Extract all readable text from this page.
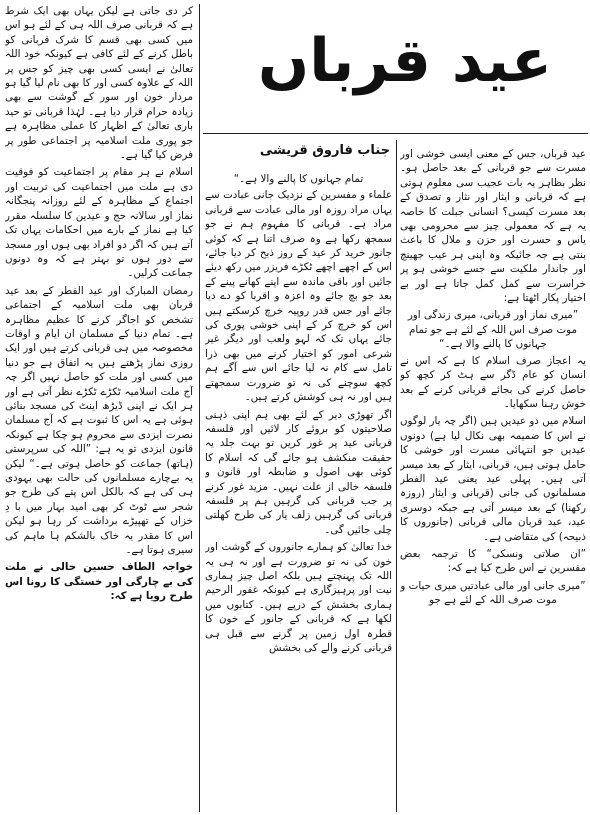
عید قرباں
جناب فاروق قریشی عید قرباں، جس کے معنی ایسی خوشی اور مسرت سے جو قربانی کے بعد حاصل ہو۔ نظر بظاہر یہ بات عجیب سی معلوم ہوتی ہے کہ قربانی و ایثار اور نثار و تصدق کے بعد مسرت کیسی؟ انسانی جبلت کا خاصہ یہ ہے کہ معمولی چیز سے محرومی بھی یاس و حسرت اور حزن و ملال کا باعث بنتی ہے جہ جائیکہ وہ اپنی ہر عیب جھینچ اور جاندار ملکیت سے جسے خوشی ہو پر خراسرت سے کمل کمل جاتا ہے اور بے اختیار پکار اٹھتا ہے:

”میری نماز اور قربانی، میری زندگی اور موت صرف اس اللہ کے لئے ہے جو تمام جہانوں کا پالنے والا ہے۔“

یہ اعجاز صرف اسلام کا ہے کہ اس نے انسان کو عام ڈگر سے ہٹ کر کچھ کو حاصل کرنے کی بجائے قربانی کرنے کے بعد خوش رہنا سکھایا۔

اسلام میں دو عیدیں ہیں (اگر چہ یار لوگوں نے اس کا ضمیمہ بھی نکال لیا ہے) دونوں عیدیں جو انتہائی مسرت اور خوشی کا حامل ہوتی ہیں، قربانی، ایثار کے بعد میسر آتی ہیں۔ پہلی عید یعنی عید الفطر مسلمانوں کی جانی (قربانی و ایثار (روزہ رکھنا) کے بعد میسر آتی ہے جبکہ دوسری عید، عید قربان مالی قربانی (جانوروں کا ذبیحہ) کی متقاضی ہے۔

”ان صلاتی ونسکی“ کا ترجمہ بعض مفسرین نے اس طرح کیا ہے کہ:

”میری جانی اور مالی عبادتیں میری حیات و موت صرف اللہ کے لئے ہے جو

تمام جہانوں کا پالنے والا ہے۔“

علماء و مفسرین کے نزدیک جانی عبادت سے یہاں مراد روزہ اور مالی عبادت سے قربانی مراد ہے۔ قربانی کا مفہوم ہم نے جو سمجھ رکھا ہے وہ صرف اتنا ہے کہ کوئی جانور خرید کر عید کے روز ذبح کر دیا جائے، اس کے اچھے اچھے ٹکڑے فریزر میں رکھ دیئے جائیں اور باقی ماندہ سے اپنے کھانے پینے کے بعد جو بچ جائے وہ اعزہ و اقربا کو دے دیا جائے اور جس قدر روپیہ خرچ کرسکتے ہیں اس کو خرچ کر کے اپنی خوشی پوری کی جائے یہاں تک کہ لہو ولعب اور دیگر غیر شرعی امور کو اختیار کرنے میں بھی ذرا تامل سے کام نہ لیا جائے اس سے آگے ہم کچھ سوچنے کی نہ تو ضرورت سمجھتے ہیں اور نہ ہی کوشش کرتے ہیں۔

اگر تھوڑی دیر کے لئے بھی ہم اپنی ذہنی صلاحیتوں کو بروئے کار لائیں اور فلسفہ قربانی عید پر غور کریں تو بہت جلد یہ حقیقت منکشف ہو جائے گی کہ اسلام کا کوئی بھی اصول و ضابطہ اور قانون و فلسفہ خالی از علت نہیں۔ مزید غور کرنے پر جب قربانی کی گرہیں ہم پر فلسفہ قربانی کی گرہیں زلف یار کی طرح کھلتی چلی جائیں گی۔

خدا تعالیٰ کو ہمارے جانوروں کے گوشت اور خون کی نہ تو ضرورت ہے اور نہ ہی یہ اللہ تک پہنچتے ہیں بلکہ اصل چیز ہماری نیت اور پرہیزگاری ہے کیونکہ غفور الرحیم ہماری بخشش کے درپے ہیں۔ کتابوں میں لکھا ہے کہ قربانی کے جانور کے خون کا قطرہ اول زمین پر گرنے سے قبل ہی قربانی کرنے والے کی بخشش

کر دی جاتی ہے لیکن یہاں بھی ایک شرط ہے کہ قربانی صرف اللہ ہی کے لئے ہو اس میں کسی بھی قسم کا شرک قربانی کو باطل کرنے کے لئے کافی ہے کیونکہ خود اللہ تعالیٰ نے ایسی کسی بھی چیز کو جس پر اللہ کے علاوہ کسی اور کا بھی نام لیا گیا ہو مردار خون اور سور کے گوشت سے بھی زیادہ حرام قرار دیا ہے۔ لہٰذا قربانی تو حید باری تعالیٰ کے اظہار کا عملی مظاہرہ ہے جو پوری ملت اسلامیہ پر اجتماعی طور پر فرض کیا گیا ہے۔

اسلام نے ہر مقام پر اجتماعیت کو فوقیت دی ہے ملت میں اجتماعیت کی تربیت اور اجتماع کے مظاہرہ کے لئے روزانہ پنجگانہ نماز اور سالانہ حج و عیدین کا سلسلہ مقرر کیا ہے نماز کے بارے میں احکامات یہاں تک آتے ہیں کہ اگر دو افراد بھی ہوں اور مسجد سے دور ہوں تو بہتر ہے کہ وہ دونوں جماعت کرلیں۔

رمضان المبارک اور عید الفطر کے بعد عید قربان بھی ملت اسلامیہ کے اجتماعی تشخص کو اجاگر کرنے کا عظیم مظاہرہ ہے۔ تمام دنیا کے مسلمان ان ایام و اوقات مخصوصہ میں ہی قربانی کرتے ہیں اور ایک روزی نماز پڑھتے ہیں یہ اتفاق ہے جو دنیا میں کسی اور ملت کو حاصل نہیں اگر چہ آج ملت اسلامیہ ٹکڑے ٹکڑے نظر آتی ہے اور ہر ایک نے اپنی ڈیڑھ اینٹ کی مسجد بنائی ہوئی ہے یہ اس کا ثبوت ہے کہ آج مسلمان نصرت ایزدی سے محروم ہو چکا ہے کیونکہ قانون ایزدی تو یہ ہے: ”اللہ کی سرپرستی (ہاتھ) جماعت کو حاصل ہوتی ہے۔“ لیکن یہ بےچارے مسلمانوں کی حالت بھی یہودی ہی کی ہے کہ بالکل اس پتے کی طرح جو شجر سے ٹوٹ کر بھی امید بہار میں با دِ خزاں کے تھپیڑے برداشت کر رہا ہو لیکن اس کا مقدر یہ خاک بالشکم ہا ماہم کی سیری ہوتا ہے۔

خواجہ الطاف حسین حالی نے ملت کی بے چارگی اور خستگی کا رونا اس طرح رویا ہے کہ:
